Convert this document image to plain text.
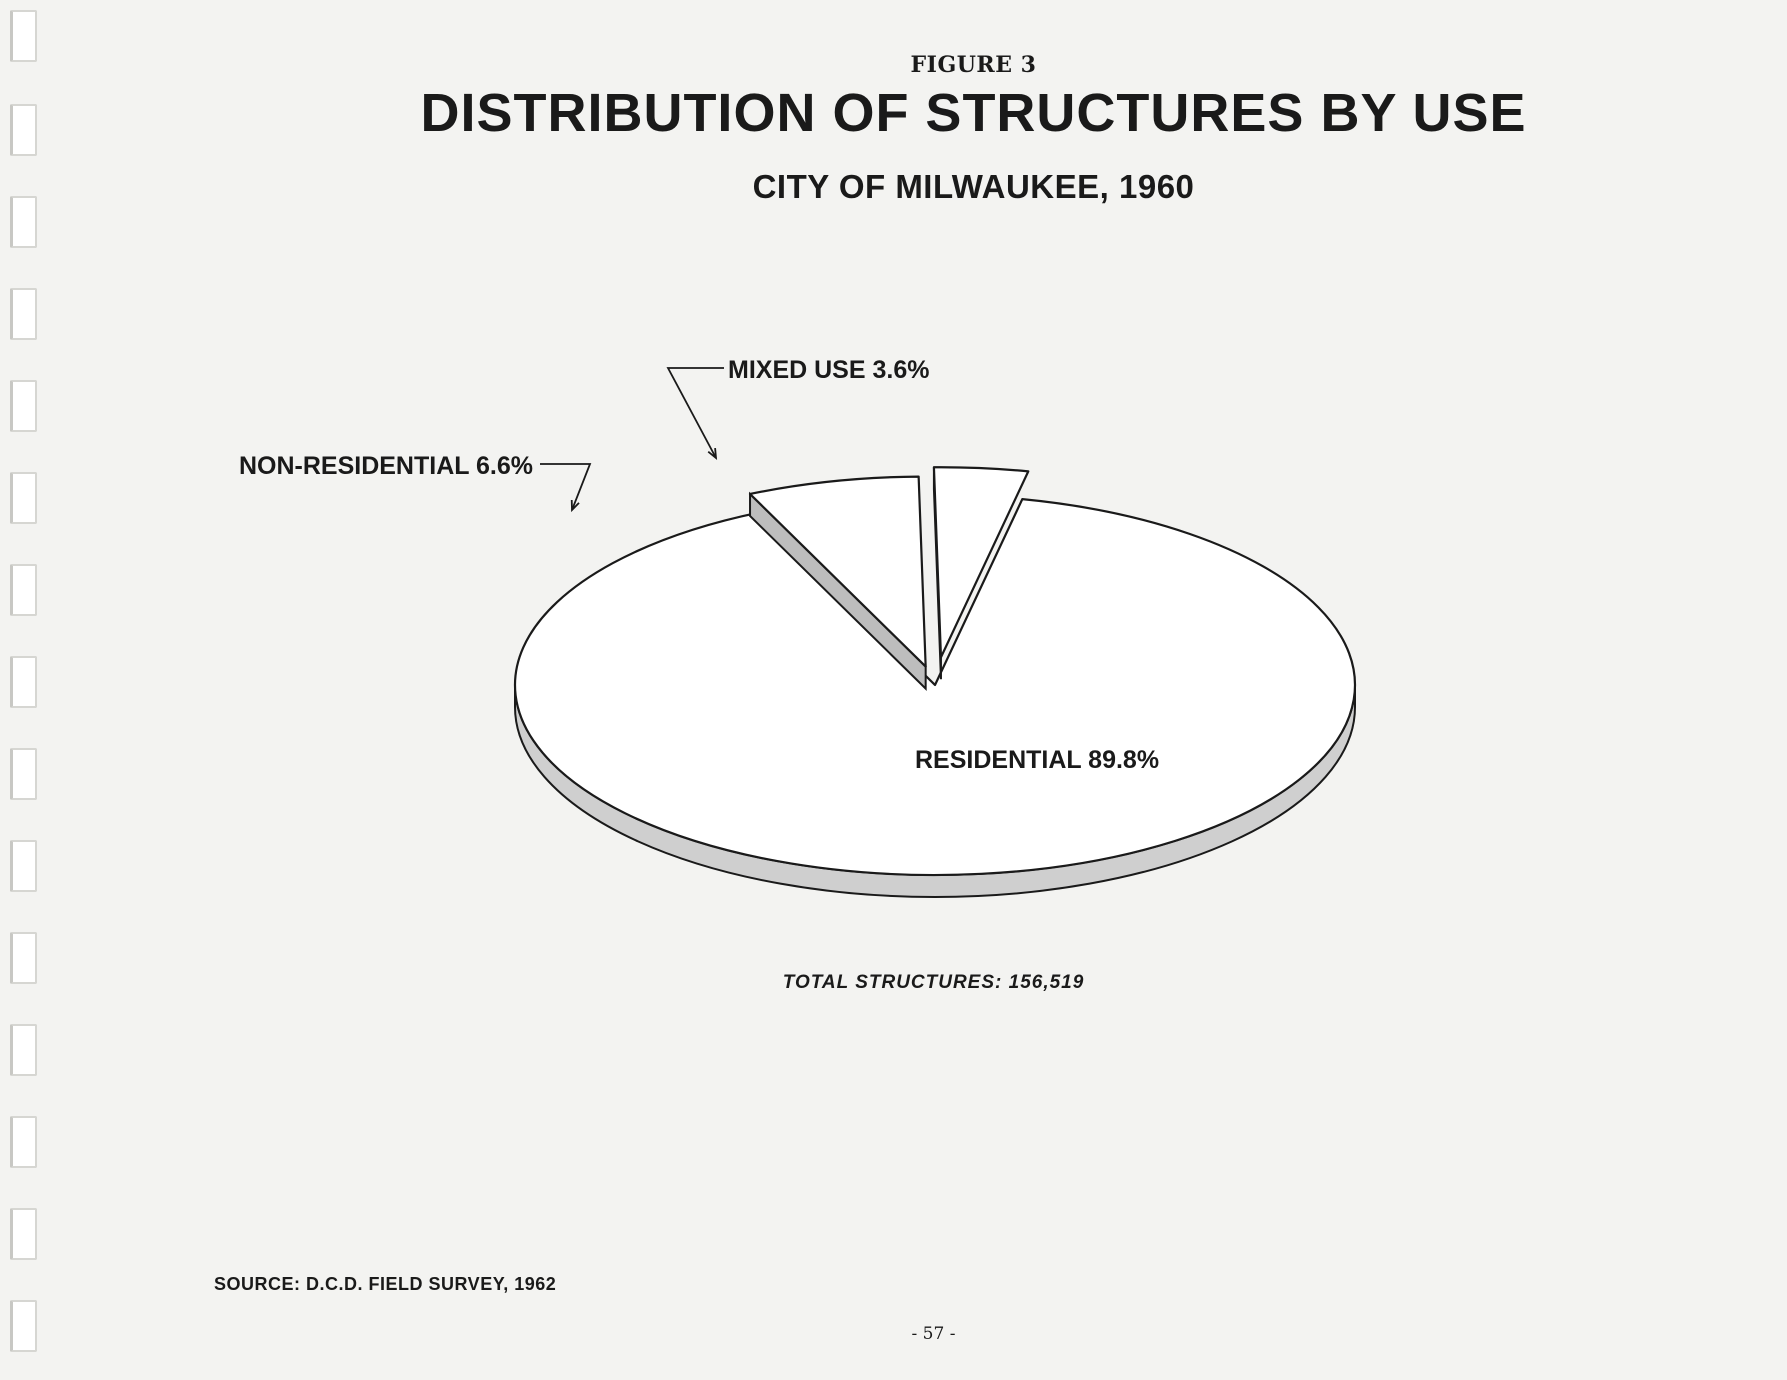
FIGURE 3
DISTRIBUTION OF STRUCTURES BY USE
CITY OF MILWAUKEE, 1960
RESIDENTIAL 89.8%
NON-RESIDENTIAL 6.6%
MIXED USE 3.6%
TOTAL STRUCTURES: 156,519
SOURCE: D.C.D. FIELD SURVEY, 1962
- 57 -
